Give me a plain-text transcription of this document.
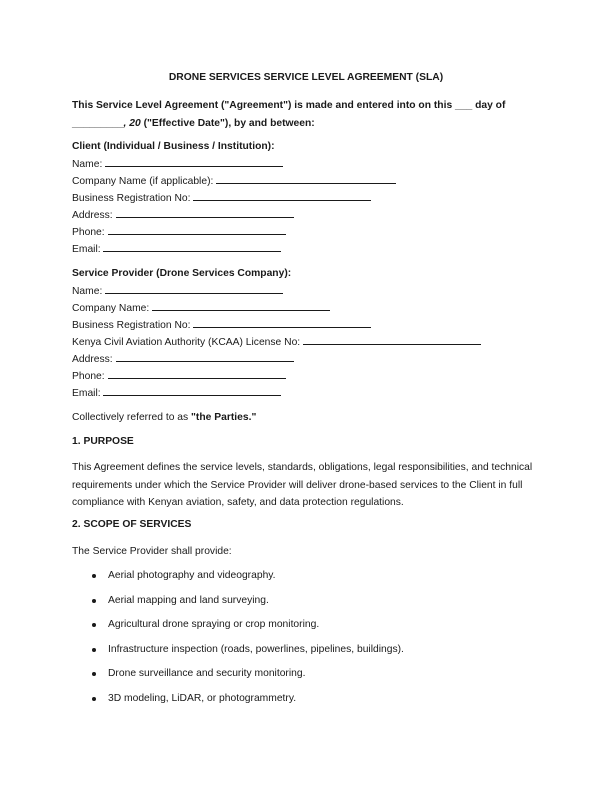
DRONE SERVICES SERVICE LEVEL AGREEMENT (SLA)
This Service Level Agreement ("Agreement") is made and entered into on this ___ day of
_________, 20 ("Effective Date"), by and between:
Client (Individual / Business / Institution):
Name:
Company Name (if applicable):
Business Registration No:
Address:
Phone:
Email:
Service Provider (Drone Services Company):
Name:
Company Name:
Business Registration No:
Kenya Civil Aviation Authority (KCAA) License No:
Address:
Phone:
Email:
Collectively referred to as "the Parties."
1. PURPOSE
This Agreement defines the service levels, standards, obligations, legal responsibilities, and technical requirements under which the Service Provider will deliver drone-based services to the Client in full compliance with Kenyan aviation, safety, and data protection regulations.
2. SCOPE OF SERVICES
The Service Provider shall provide:
Aerial photography and videography.
Aerial mapping and land surveying.
Agricultural drone spraying or crop monitoring.
Infrastructure inspection (roads, powerlines, pipelines, buildings).
Drone surveillance and security monitoring.
3D modeling, LiDAR, or photogrammetry.
